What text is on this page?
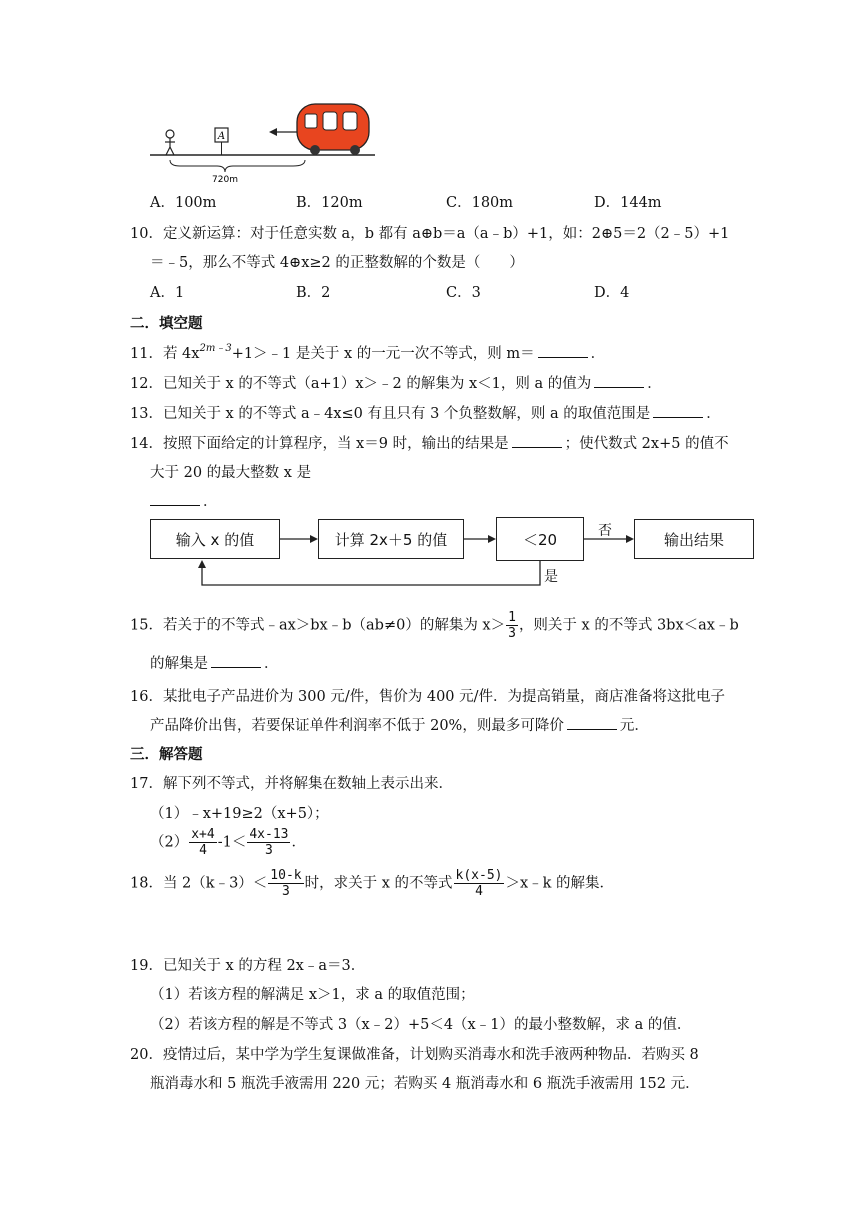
A
720m
A．100m	B．120m	C．180m	D．144m
10．定义新运算：对于任意实数 a，b 都有 a⊕b＝a（a﹣b）+1，如：2⊕5＝2（2﹣5）+1
＝﹣5，那么不等式 4⊕x≥2 的正整数解的个数是（　　）
A．1	B．2	C．3	D．4
二．填空题
11．若 $4x^{2m﹣3}+1>﹣1$ 是关于 x 的一元一次不等式，则 m＝	．
12．已知关于 x 的不等式（a+1）x＞﹣2 的解集为 x＜1，则 a 的值为	．
13．已知关于 x 的不等式 a﹣4x≤0 有且只有 3 个负整数解，则 a 的取值范围是	．
14．按照下面给定的计算程序，当 x＝9 时，输出的结果是	；使代数式 2x+5 的值不
大于 20 的最大整数 x 是
．
输入 x 的值	计算 2x＋5 的值	＜20	输出结果
否
是
15．若关于的不等式﹣ax＞bx﹣b（ab≠0）的解集为 $x> \frac{1}{3}$ ，则关于 x 的不等式 3bx＜ax﹣b
的解集是	．
16．某批电子产品进价为 300 元/件，售价为 400 元/件．为提高销量，商店准备将这批电子
产品降价出售，若要保证单件利润率不低于 20%，则最多可降价	元．
三．解答题
17．解下列不等式，并将解集在数轴上表示出来．
（1）﹣x+19≥2（x+5）；
$(2) \frac{x+4}{4} -1< \frac{4x-13}{3}$ ．
18．当 2（k﹣3）＜ $\frac{10-k}{3}$ 时，求关于 x 的不等式 $\frac{k(x-5)}{4}$ ＞x﹣k 的解集．
19．已知关于 x 的方程 2x﹣a＝3．
（1）若该方程的解满足 x＞1，求 a 的取值范围；
（2）若该方程的解是不等式 3（x﹣2）+5＜4（x﹣1）的最小整数解，求 a 的值．
20．疫情过后，某中学为学生复课做准备，计划购买消毒水和洗手液两种物品．若购买 8
瓶消毒水和 5 瓶洗手液需用 220 元；若购买 4 瓶消毒水和 6 瓶洗手液需用 152 元．
